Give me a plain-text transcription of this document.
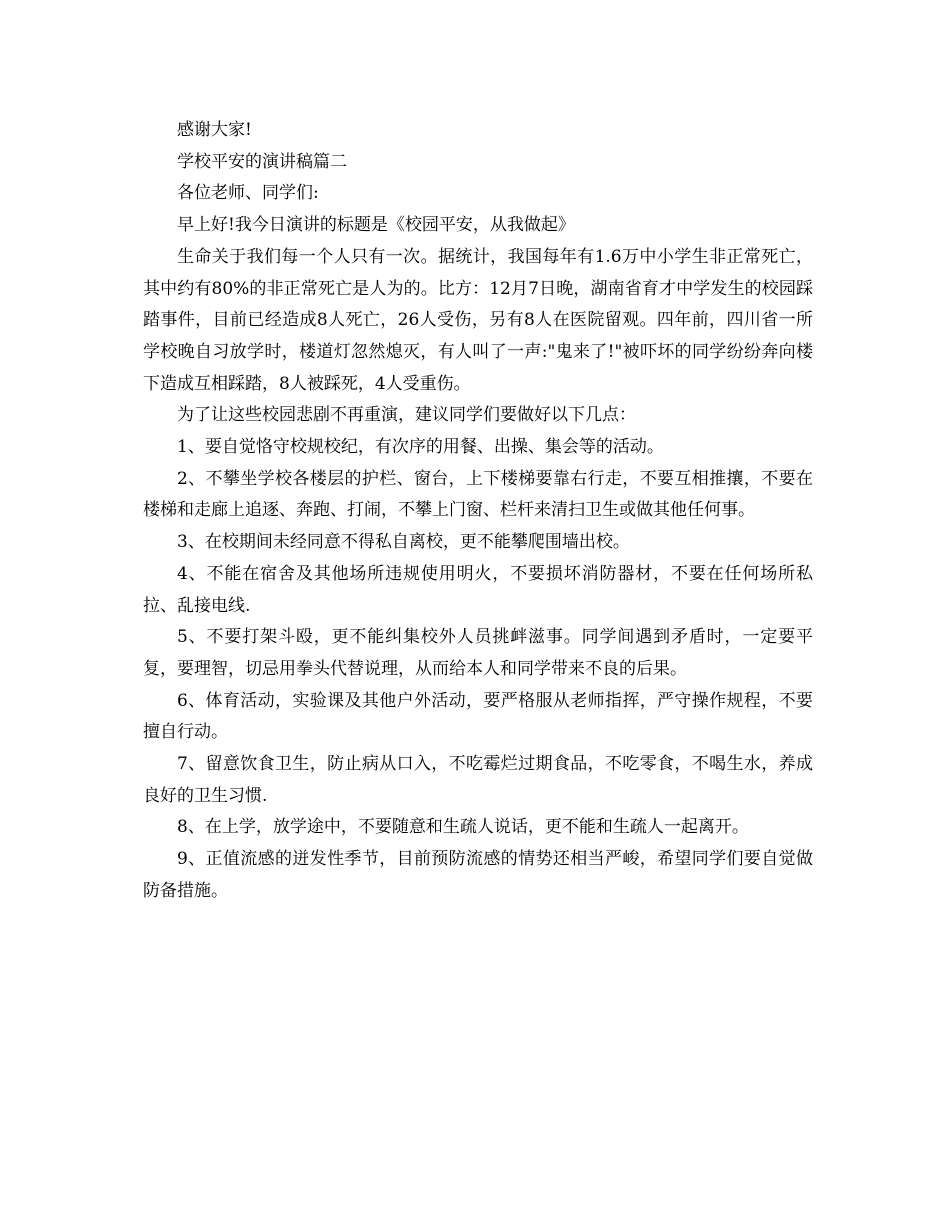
感谢大家!

学校平安的演讲稿篇二

各位老师、同学们:

早上好!我今日演讲的标题是《校园平安，从我做起》

生命关于我们每一个人只有一次。据统计，我国每年有1.6万中小学生非正常死亡，其中约有80%的非正常死亡是人为的。比方：12月7日晚，湖南省育才中学发生的校园踩踏事件，目前已经造成8人死亡，26人受伤，另有8人在医院留观。四年前，四川省一所学校晚自习放学时，楼道灯忽然熄灭，有人叫了一声:"鬼来了!"被吓坏的同学纷纷奔向楼下造成互相踩踏，8人被踩死，4人受重伤。

为了让这些校园悲剧不再重演，建议同学们要做好以下几点：

1、要自觉恪守校规校纪，有次序的用餐、出操、集会等的活动。

2、不攀坐学校各楼层的护栏、窗台，上下楼梯要靠右行走，不要互相推攘，不要在楼梯和走廊上追逐、奔跑、打闹，不攀上门窗、栏杆来清扫卫生或做其他任何事。

3、在校期间未经同意不得私自离校，更不能攀爬围墙出校。

4、不能在宿舍及其他场所违规使用明火，不要损坏消防器材，不要在任何场所私拉、乱接电线.

5、不要打架斗殴，更不能纠集校外人员挑衅滋事。同学间遇到矛盾时，一定要平复，要理智，切忌用拳头代替说理，从而给本人和同学带来不良的后果。

6、体育活动，实验课及其他户外活动，要严格服从老师指挥，严守操作规程，不要擅自行动。

7、留意饮食卫生，防止病从口入，不吃霉烂过期食品，不吃零食，不喝生水，养成良好的卫生习惯.

8、在上学，放学途中，不要随意和生疏人说话，更不能和生疏人一起离开。

9、正值流感的迸发性季节，目前预防流感的情势还相当严峻，希望同学们要自觉做防备措施。
